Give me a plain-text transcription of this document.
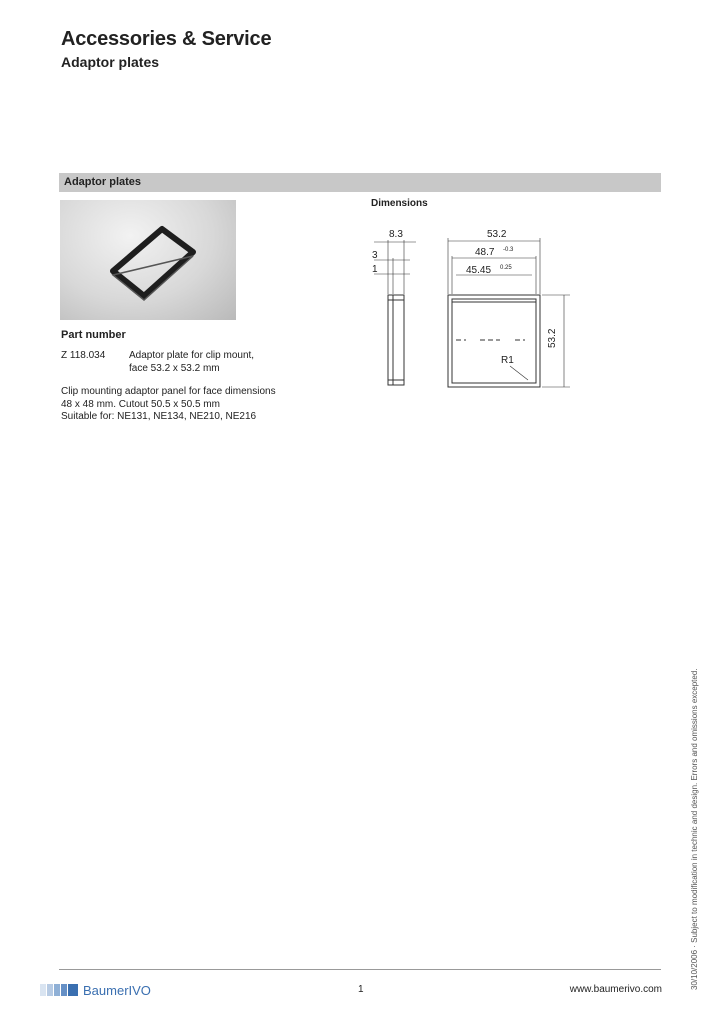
Accessories & Service
Adaptor plates
Adaptor plates
Part number
Z 118.034 Adaptor plate for clip mount,
face 53.2 x 53.2 mm
Clip mounting adaptor panel for face dimensions
48 x 48 mm. Cutout 50.5 x 50.5 mm
Suitable for: NE131, NE134, NE210, NE216
Dimensions
8.3
3
1
53.2
48.7 -0.3
45.45 0.25
53.2
R1
30/10/2006 · Subject to modification in technic and design. Errors and omissions excepted.
BaumerIVO	1	www.baumerivo.com
